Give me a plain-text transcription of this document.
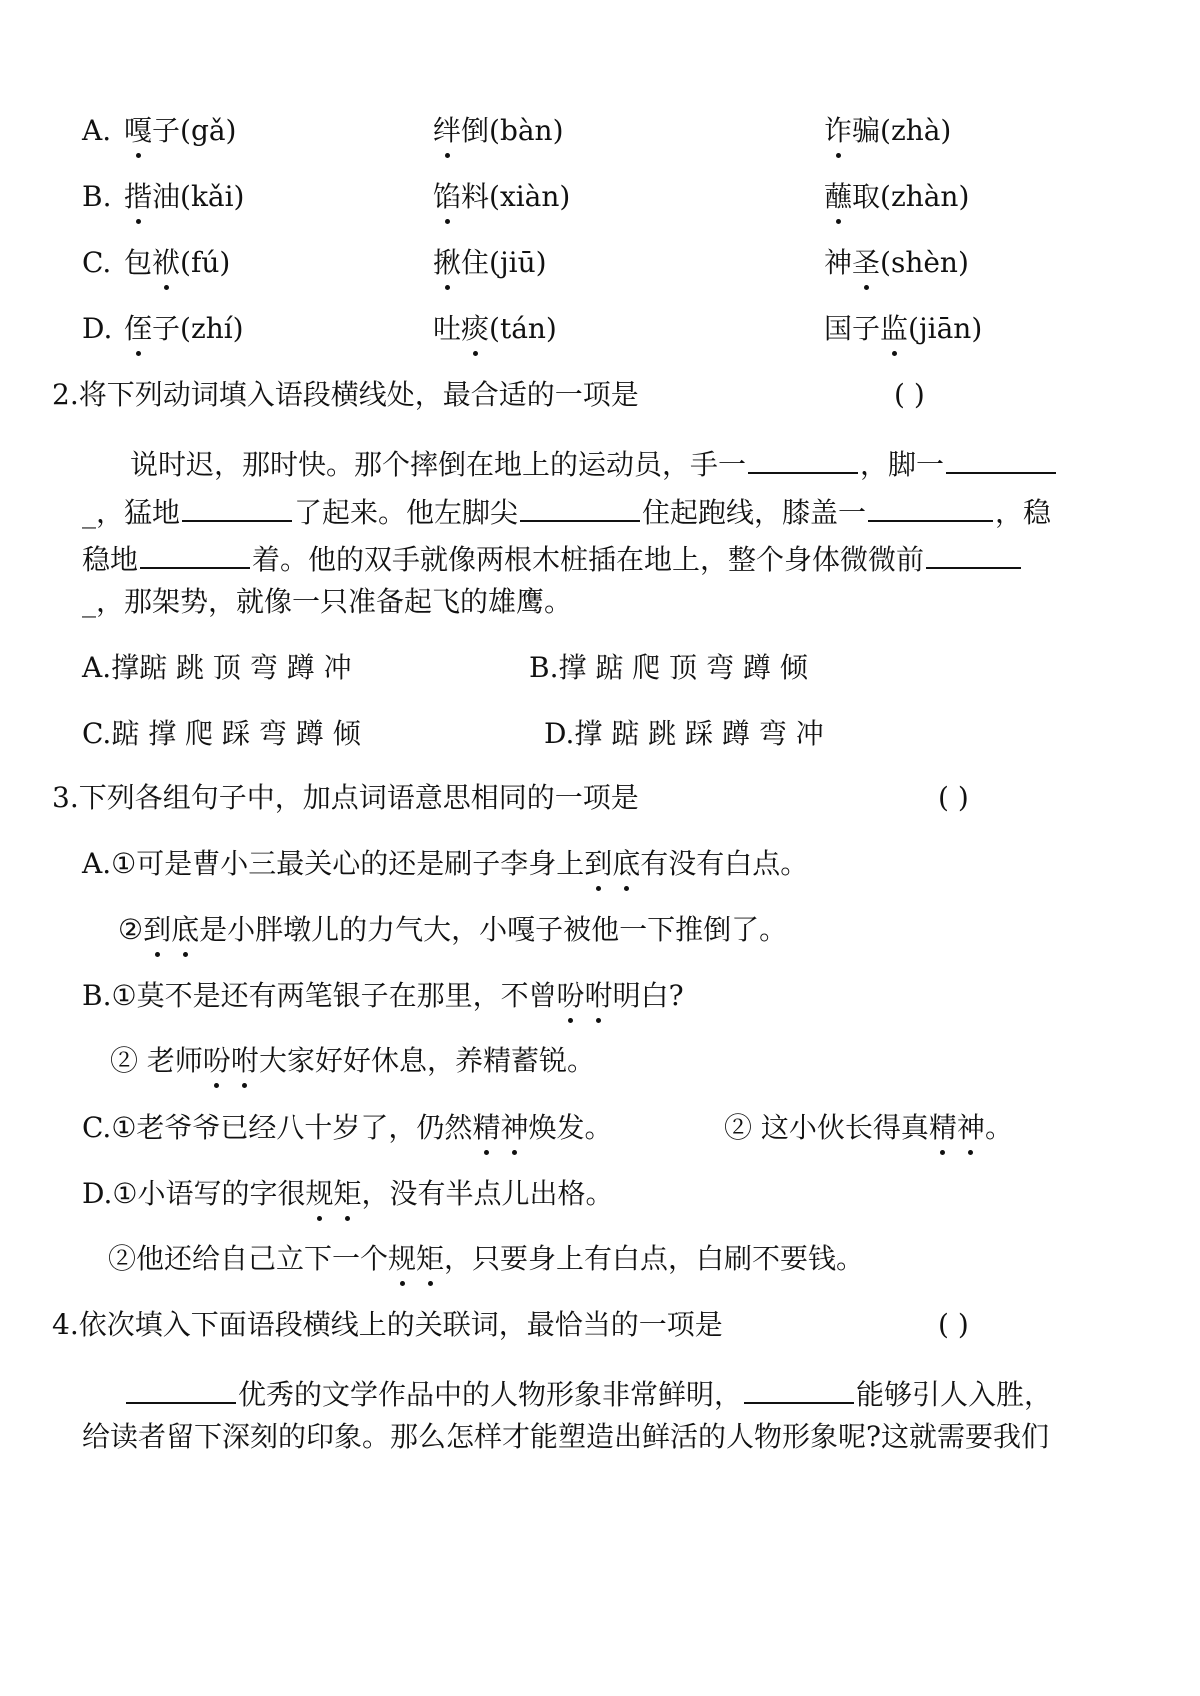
A. 嘎子(gǎ)	绊倒(bàn)	诈骗(zhà)
B. 揩油(kǎi)	馅料(xiàn)	蘸取(zhàn)
C. 包袱(fú)	揪住(jiū)	神圣(shèn)
D. 侄子(zhí)	吐痰(tán)	国子监(jiān)
2.将下列动词填入语段横线处，最合适的一项是	( )
说时迟，那时快。那个摔倒在地上的运动员，手一	，脚一
_，猛地	了起来。他左脚尖	住起跑线，膝盖一	，稳
稳地	着。他的双手就像两根木桩插在地上，整个身体微微前
_，那架势，就像一只准备起飞的雄鹰。
A.撑踮 跳 顶 弯 蹲 冲	B.撑 踮 爬 顶 弯 蹲 倾
C.踮 撑 爬 踩 弯 蹲 倾	D.撑 踮 跳 踩 蹲 弯 冲
3.下列各组句子中，加点词语意思相同的一项是	( )
A.①可是曹小三最关心的还是刷子李身上到底有没有白点。
②到底是小胖墩儿的力气大，小嘎子被他一下推倒了。
B.①莫不是还有两笔银子在那里，不曾吩咐明白?
② 老师吩咐大家好好休息，养精蓄锐。
C.①老爷爷已经八十岁了，仍然精神焕发。	② 这小伙长得真精神。
D.①小语写的字很规矩，没有半点儿出格。
②他还给自己立下一个规矩，只要身上有白点，白刷不要钱。
4.依次填入下面语段横线上的关联词，最恰当的一项是	( )
优秀的文学作品中的人物形象非常鲜明，	能够引人入胜，
给读者留下深刻的印象。那么怎样才能塑造出鲜活的人物形象呢?这就需要我们
